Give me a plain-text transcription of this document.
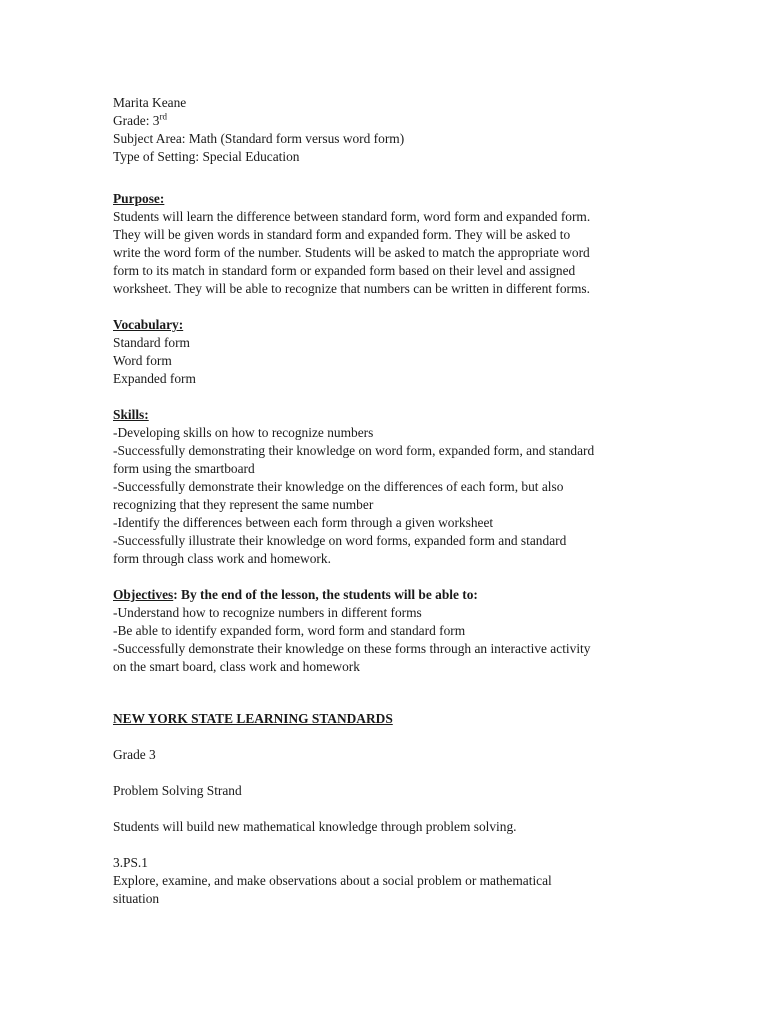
Marita Keane
Grade: 3rd
Subject Area: Math (Standard form versus word form)
Type of Setting: Special Education
Purpose:
Students will learn the difference between standard form, word form and expanded form.
They will be given words in standard form and expanded form. They will be asked to
write the word form of the number. Students will be asked to match the appropriate word
form to its match in standard form or expanded form based on their level and assigned
worksheet. They will be able to recognize that numbers can be written in different forms.
Vocabulary:
Standard form
Word form
Expanded form
Skills:
-Developing skills on how to recognize numbers
-Successfully demonstrating their knowledge on word form, expanded form, and standard
form using the smartboard
-Successfully demonstrate their knowledge on the differences of each form, but also
recognizing that they represent the same number
-Identify the differences between each form through a given worksheet
-Successfully illustrate their knowledge on word forms, expanded form and standard
form through class work and homework.
Objectives: By the end of the lesson, the students will be able to:
-Understand how to recognize numbers in different forms
-Be able to identify expanded form, word form and standard form
-Successfully demonstrate their knowledge on these forms through an interactive activity
on the smart board, class work and homework
NEW YORK STATE LEARNING STANDARDS
Grade 3
Problem Solving Strand
Students will build new mathematical knowledge through problem solving.
3.PS.1
Explore, examine, and make observations about a social problem or mathematical
situation
